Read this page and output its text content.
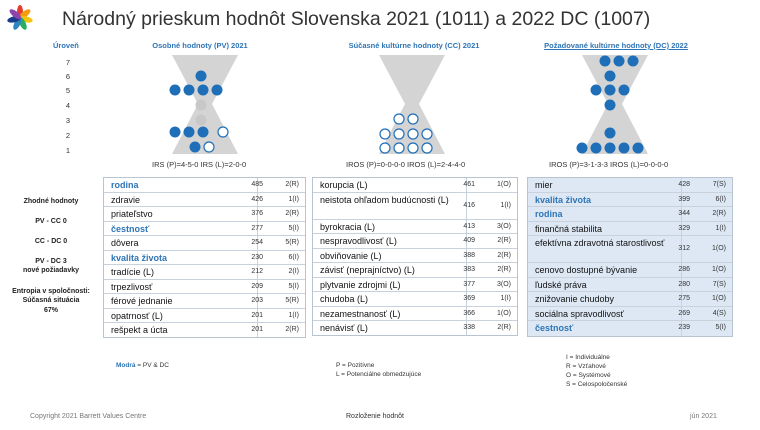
Národný prieskum hodnôt Slovenska 2021 (1011) a 2022 DC (1007)
Úroveň	Osobné hodnoty (PV) 2021	Súčasné kultúrne hodnoty (CC) 2021	Požadované kultúrne hodnoty (DC) 2022
7
6
5
4
3
2
1
IRS (P)=4-5-0 IRS (L)=2-0-0	IROS (P)=0-0-0-0 IROS (L)=2-4-4-0	IROS (P)=3-1-3-3 IROS (L)=0-0-0-0
rodina	485	2(R)
zdravie	426	1(I)
priateľstvo	376	2(R)
čestnosť	277	5(I)
dôvera	254	5(R)
kvalita života	230	6(I)
tradície (L)	212	2(I)
trpezlivosť	209	5(I)
férové jednanie	203	5(R)
opatrnosť (L)	201	1(I)
rešpekt a úcta	201	2(R)
korupcia (L)	461	1(O)
neistota ohľadom budúcnosti (L)
416	1(I)
byrokracia (L)	413	3(O)
nespravodlivosť (L)	409	2(R)
obviňovanie (L)	388	2(R)
závisť (neprajníctvo) (L)	383	2(R)
plytvanie zdrojmi (L)	377	3(O)
chudoba (L)	369	1(I)
nezamestnanosť (L)	366	1(O)
nenávisť (L)	338	2(R)
mier	428	7(S)
kvalita života	399	6(I)
rodina	344	2(R)
finančná stabilita	329	1(I)
efektívna zdravotná starostlivosť
312	1(O)
cenovo dostupné bývanie	286	1(O)
ľudské práva	280	7(S)
znižovanie chudoby	275	1(O)
sociálna spravodlivosť	269	4(S)
čestnosť	239	5(I)
Zhodné hodnoty
PV - CC 0
CC - DC 0
PV - DC 3
nové požiadavky
Entropia v spoločnosti:
Súčasná situácia
67%
Modrá = PV & DC	P = Pozitívne
L = Potenciálne obmedzujúce
I = Individuálne
R = Vzťahové
O = Systémové
S = Celospoločenské
Copyright 2021 Barrett Values Centre	Rozloženie hodnôt	jún 2021
